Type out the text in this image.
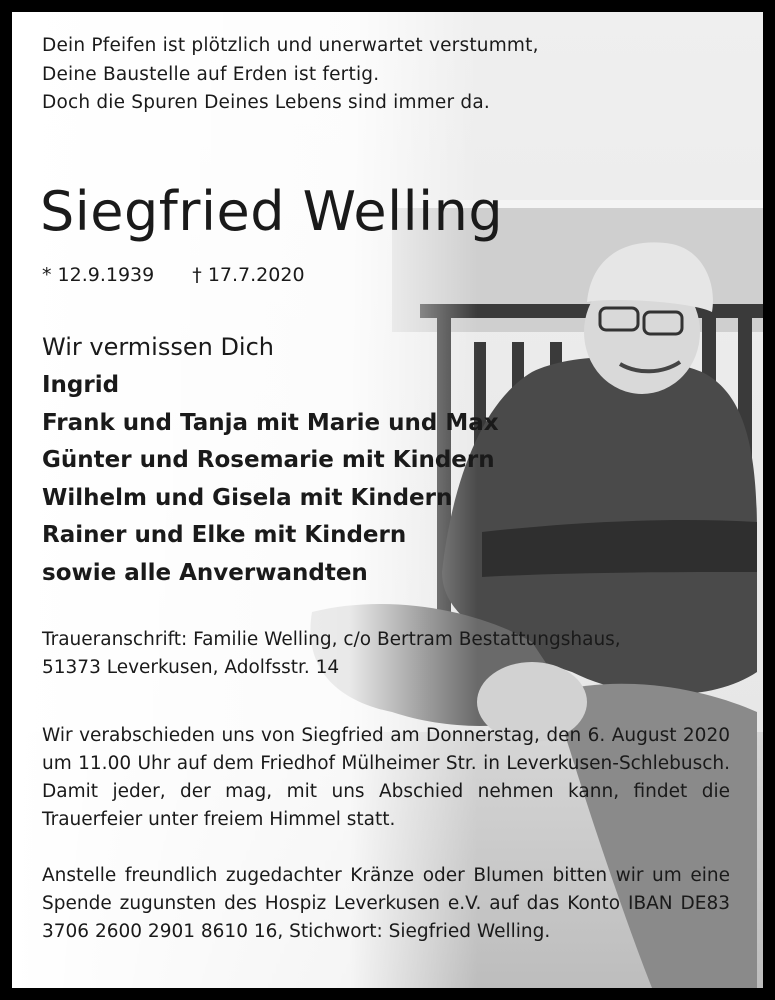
Dein Pfeifen ist plötzlich und unerwartet verstummt,
Deine Baustelle auf Erden ist fertig.
Doch die Spuren Deines Lebens sind immer da.
Siegfried Welling
* 12.9.1939 † 17.7.2020
Wir vermissen Dich
Ingrid
Frank und Tanja mit Marie und Max
Günter und Rosemarie mit Kindern
Wilhelm und Gisela mit Kindern
Rainer und Elke mit Kindern
sowie alle Anverwandten
Traueranschrift: Familie Welling, c/o Bertram Bestattungshaus,
51373 Leverkusen, Adolfsstr. 14
Wir verabschieden uns von Siegfried am Donnerstag, den 6. August 2020 um 11.00 Uhr auf dem Friedhof Mülheimer Str. in Leverkusen-Schlebusch. Damit jeder, der mag, mit uns Abschied nehmen kann, findet die Trauerfeier unter freiem Himmel statt.
Anstelle freundlich zugedachter Kränze oder Blumen bitten wir um eine Spende zugunsten des Hospiz Leverkusen e.V. auf das Konto IBAN DE83 3706 2600 2901 8610 16, Stichwort: Siegfried Welling.
